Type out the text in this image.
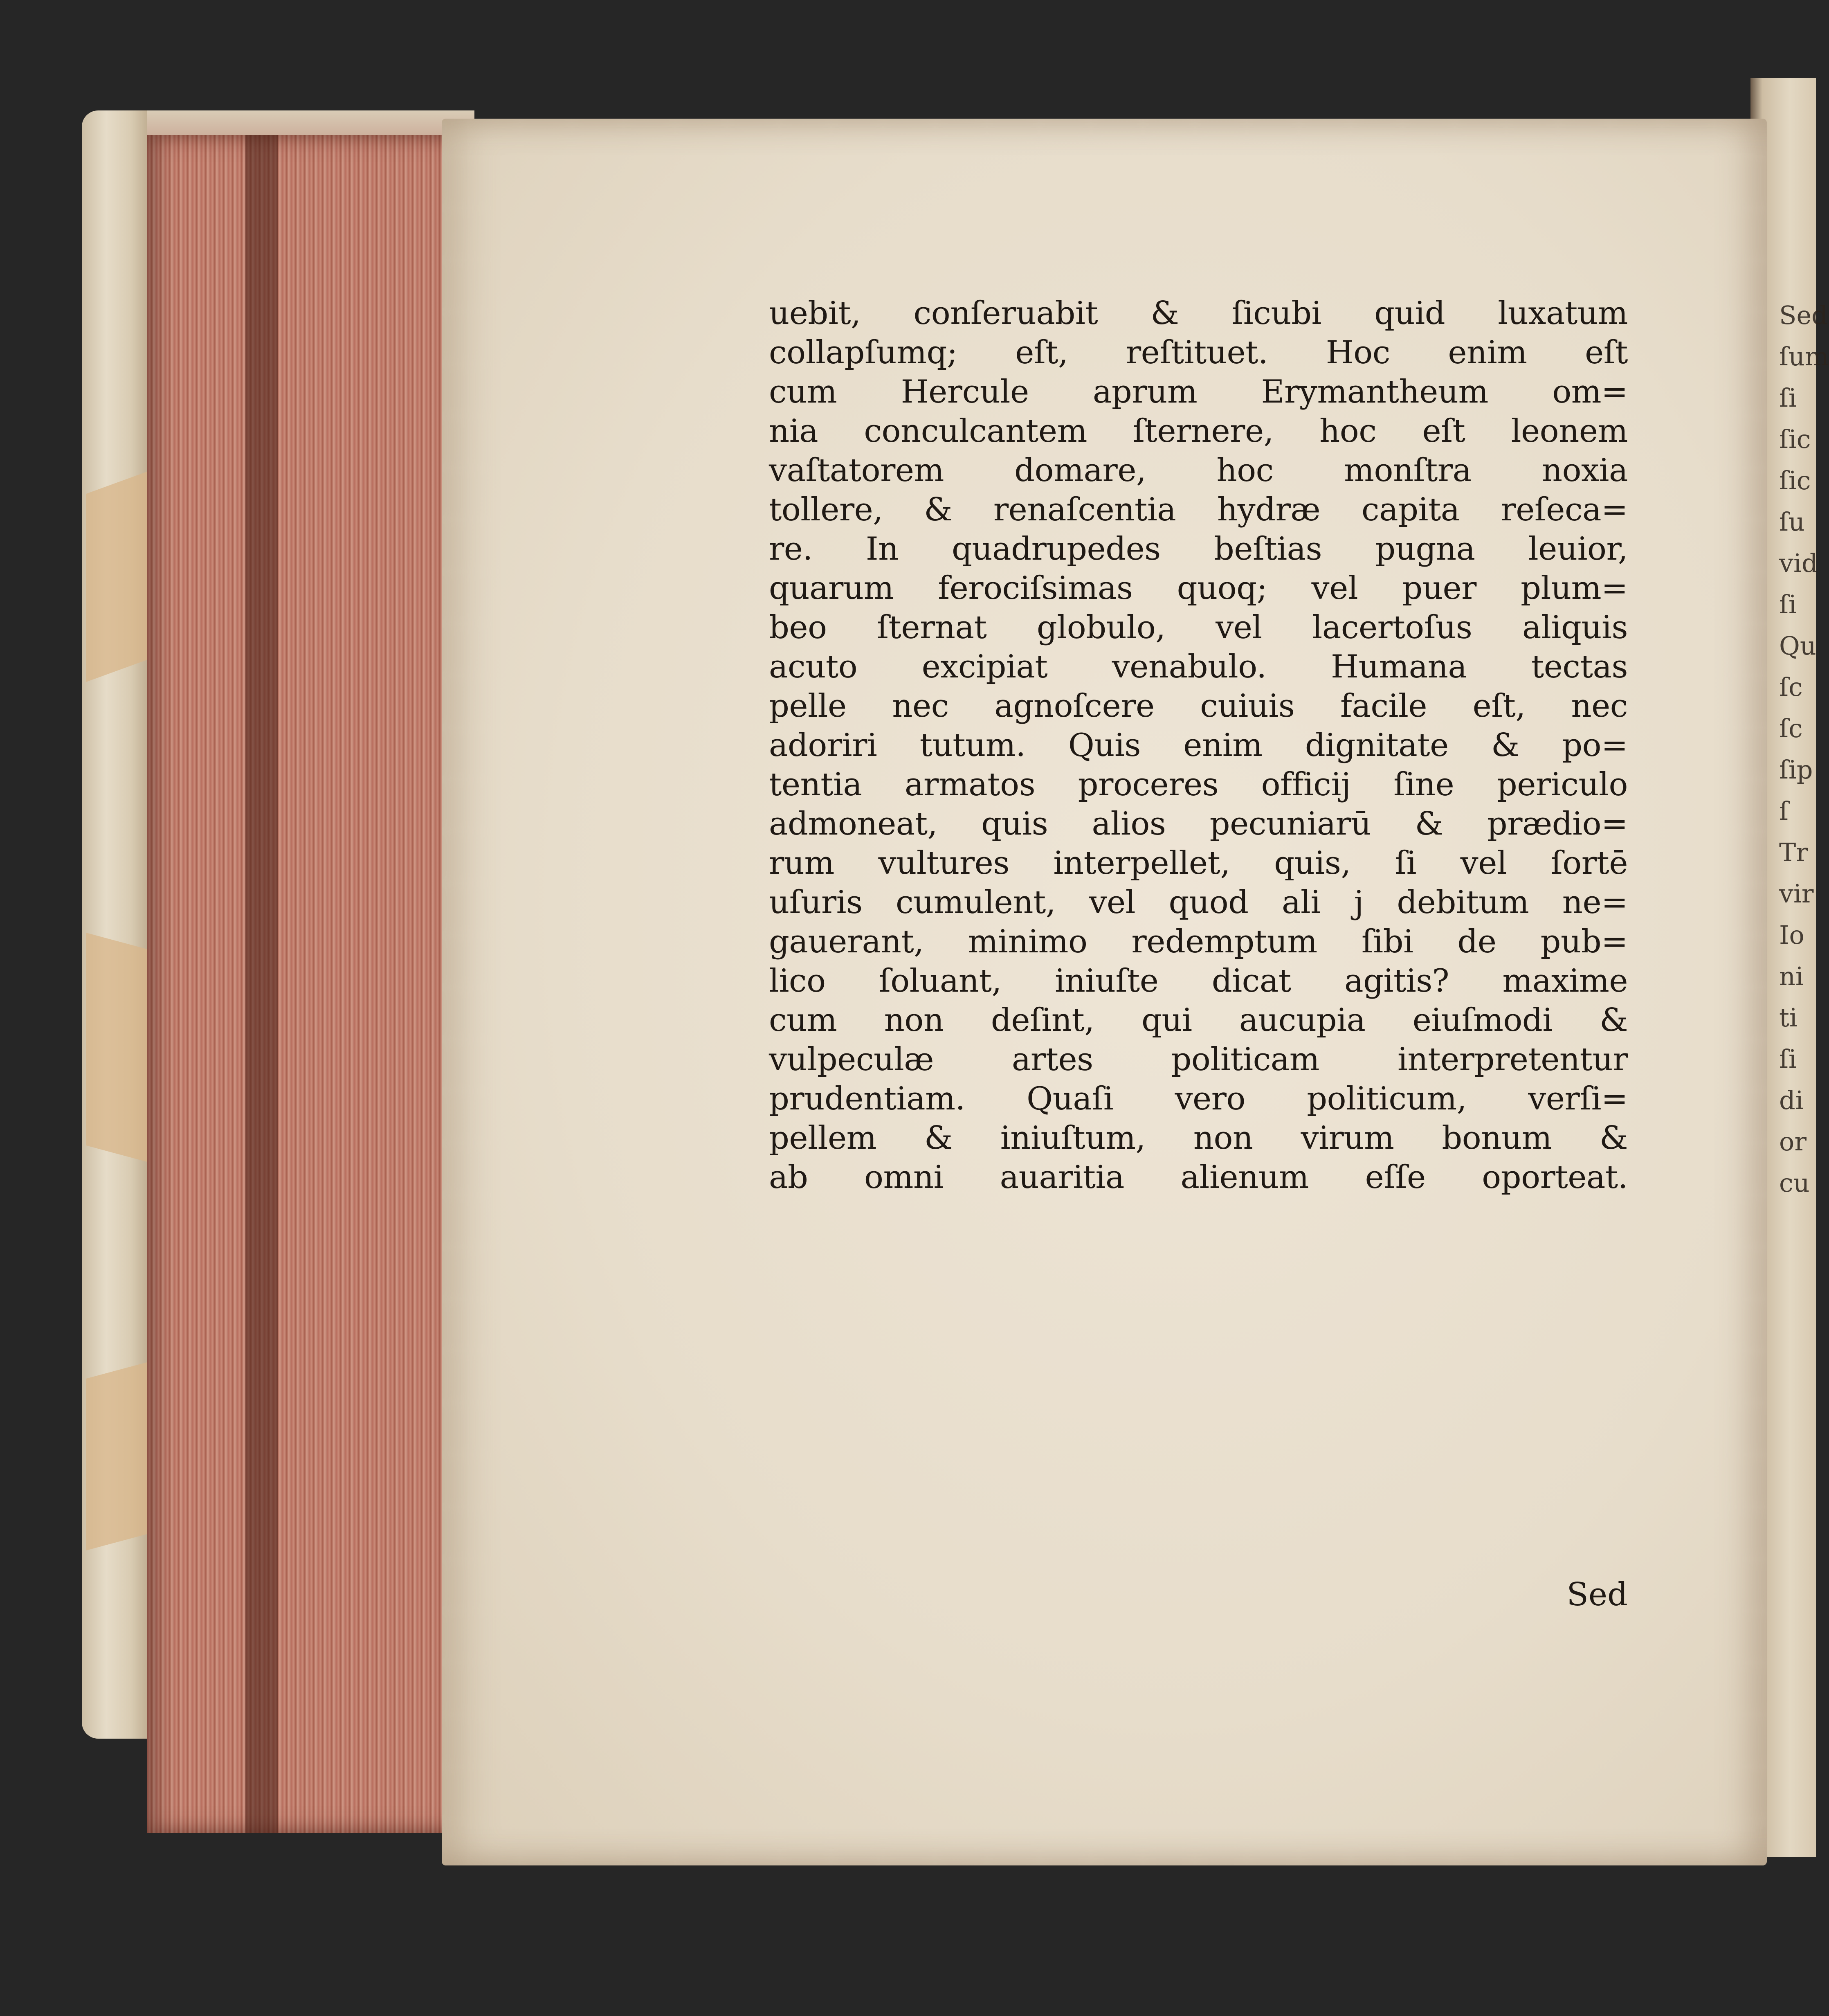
Sed
ſum
ſi
ſic
ſic
ſu
vid
ſi
Qu
ſc
ſc
ſip
ſ
Tr
vir
Io
ni
ti
ſi
di
or
cu
uebit, conſeruabit & ſicubi quid luxatum
collapſumq; eſt, reſtituet. Hoc enim eſt
cum Hercule aprum Erymantheum om=
nia conculcantem ſternere, hoc eſt leonem
vaſtatorem domare, hoc monſtra noxia
tollere, & renaſcentia hydræ capita reſeca=
re. In quadrupedes beſtias pugna leuior,
quarum ferociſsimas quoq; vel puer plum=
beo ſternat globulo, vel lacertoſus aliquis
acuto excipiat venabulo. Humana tectas
pelle nec agnoſcere cuiuis facile eſt, nec
adoriri tutum. Quis enim dignitate & po=
tentia armatos proceres officij ſine periculo
admoneat, quis alios pecuniarū & prædio=
rum vultures interpellet, quis, ſi vel ſortē
uſuris cumulent, vel quod ali j debitum ne=
gauerant, minimo redemptum ſibi de pub=
lico ſoluant, iniuſte dicat agitis? maxime
cum non deſint, qui aucupia eiuſmodi &
vulpeculæ artes politicam interpretentur
prudentiam. Quaſi vero politicum, verſi=
pellem & iniuſtum, non virum bonum &
ab omni auaritia alienum eſſe oporteat.
Sed
